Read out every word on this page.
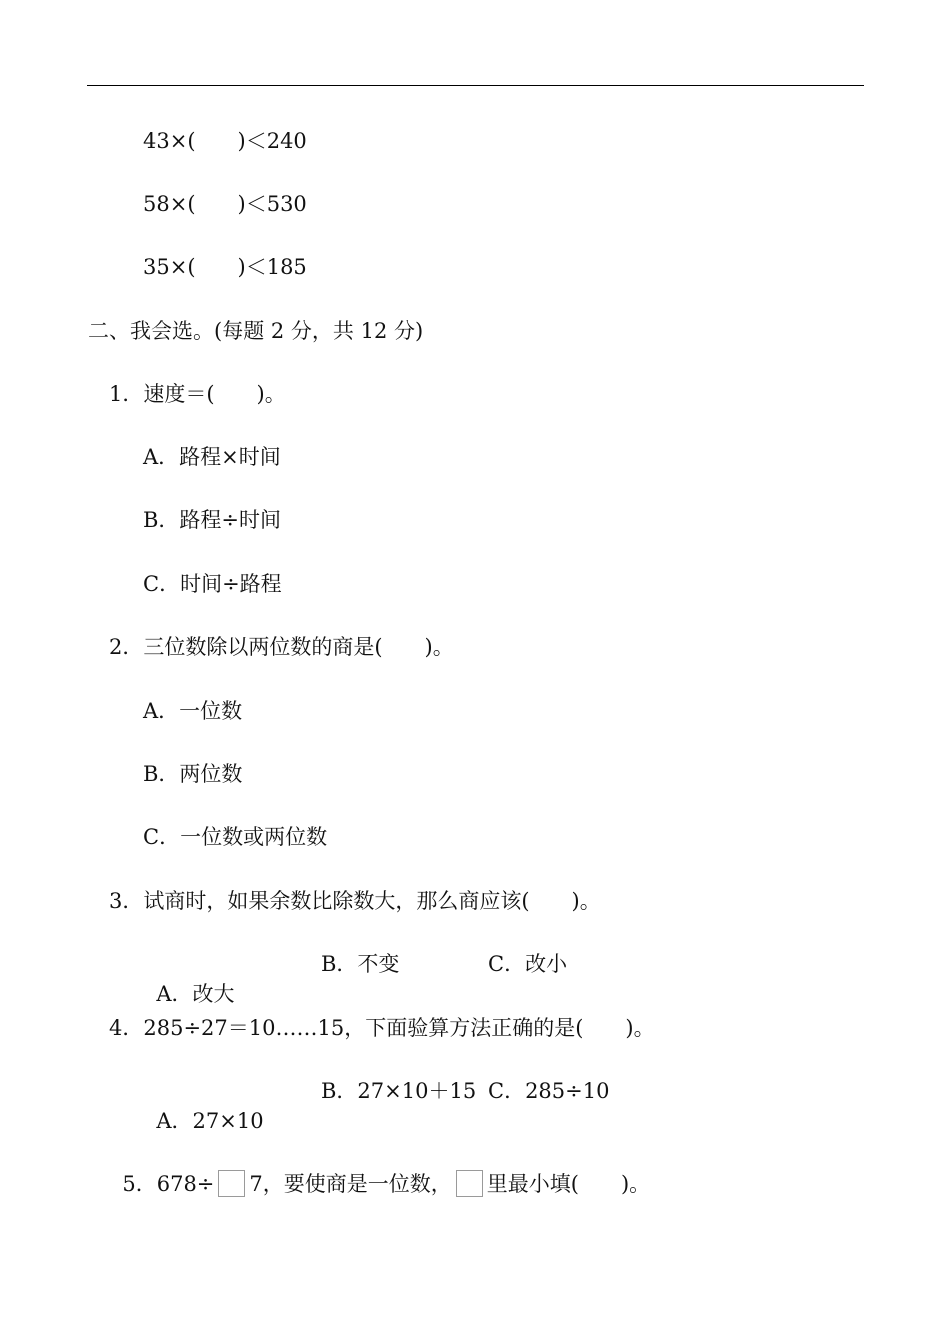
43×(　　)＜240
58×(　　)＜530
35×(　　)＜185
二、我会选。(每题 2 分，共 12 分)
1．速度＝(　　)。
A．路程×时间
B．路程÷时间
C．时间÷路程
2．三位数除以两位数的商是(　　)。
A．一位数
B．两位数
C．一位数或两位数
3．试商时，如果余数比除数大，那么商应该(　　)。

A．改大

B．不变

	C．改小

4．285÷27＝10……15，下面验算方法正确的是(　　)。

A．27×10

B．27×10＋15

C．285÷10

5．678÷ 7，要使商是一位数， 里最小填(　　)。
